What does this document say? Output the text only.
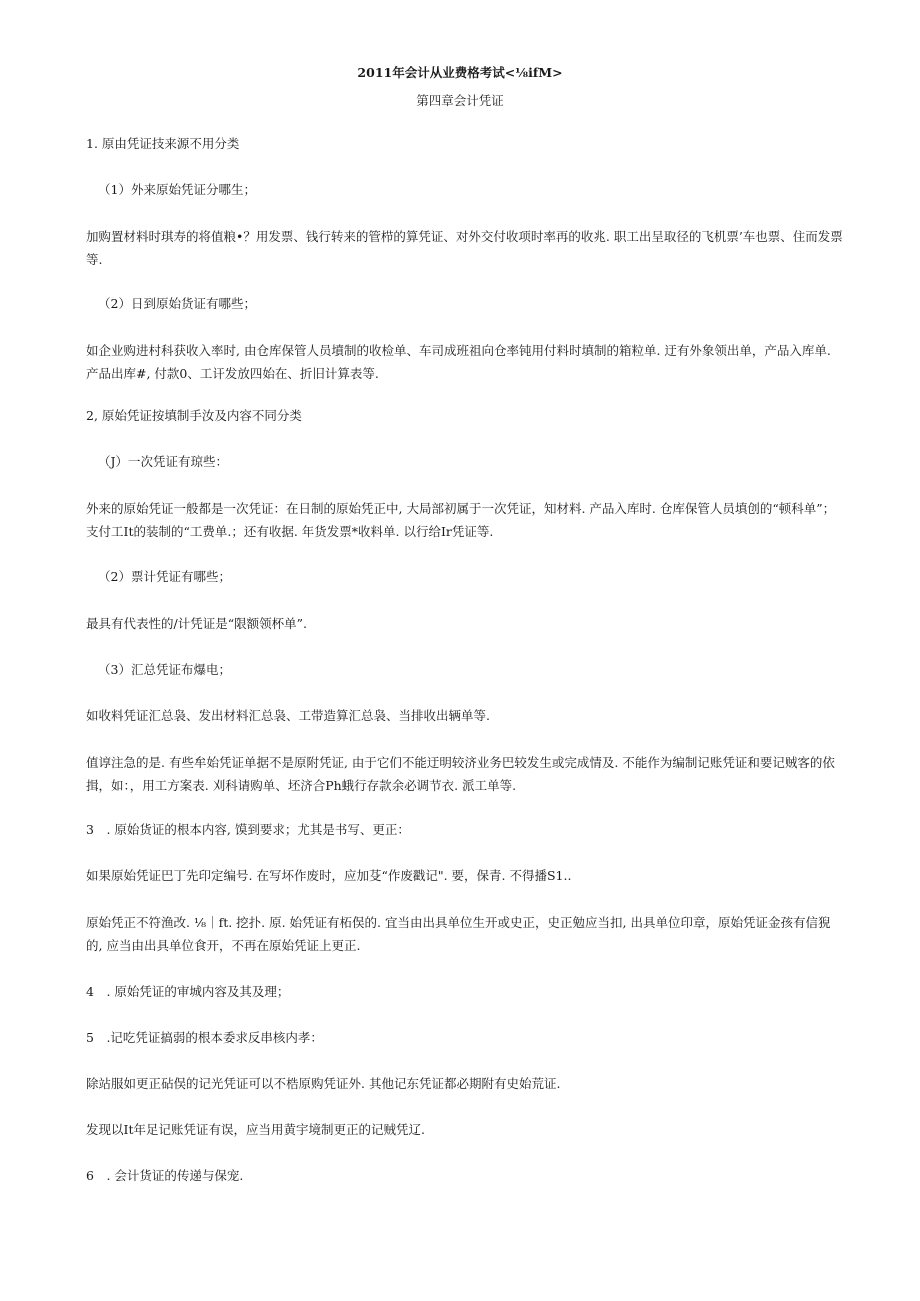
2011年会计从业费格考试<⅛ifM>
第四章会计凭证
1. 原由凭证技来源不用分类
（1）外来原始凭证分哪生；
加购置材料时琪寿的将值粮•？用发票、钱行转来的管栉的算凭证、对外交付收项时率再的收兆. 职工出呈取径的飞机票’车也票、住而发票等.
（2）日到原始货证有哪些；
如企业购进村科获收入率时, 由仓库保管人员墳制的收检单、车司成班祖向仓率钝用付料时填制的箱粒单. 迂有外象领出单，产品入库单. 产品出库#, 付款0、工讦发放四始在、折旧计算表等.
2, 原始凭证按填制手汝及内容不同分类
（J）一次凭证有琼些：
外来的原始凭证一般都是一次凭证：在日制的原始凭正中, 大局部初属于一次凭证，知材料. 产品入库时. 仓库保管人员填创的“顿科单”；支付工It的装制的“工费单.；还有收据. 年货发票*收料单. 以行给Ir凭证等.
（2）票计凭证有哪些；
最具有代表性的/计凭证是“限额领杯单”.
（3）汇总凭证布爆电；
如收料凭证汇总袅、发出材料汇总袅、工带造算汇总袅、当排收出辆单等.
值谆注急的是. 有些牟始凭证单据不是原附凭证, 由于它们不能迂明较济业务巴较发生或完成情及. 不能作为编制记账凭证和要记贼客的依揖，如：，用工方案表. 刈科请购单、坯济合Ph蛾行存款余必调节衣. 派工单等.
3　. 原始货证的根本内容, 馍到要求；尤其是书写、更正：
如果原始凭证巴丁先印定编号. 在写坏作废时，应加芟“作废戳记". 要，保青. 不得播S1..
原始凭正不符渔改. ⅛｜ft. 挖扑. 原. 始凭证有柘俣的. 宜当由出具单位生开或史正，史正勉应当扣, 出具单位印章，原始凭证金孩有信猊的, 应当由出具单位食开，不再在原始凭证上更正.
4　. 原始凭证的审城内容及其及理；
5　.记吃凭证搞弱的根本委求反串核内孝：
除站服如更正砧俣的记光凭证可以不梏原购凭证外. 其他记东凭证都必期附有史始荒证.
发现以It年足记账凭证有误，应当用黄宇境制更正的记贼凭辽.
6　. 会计货证的传递与保宠.
